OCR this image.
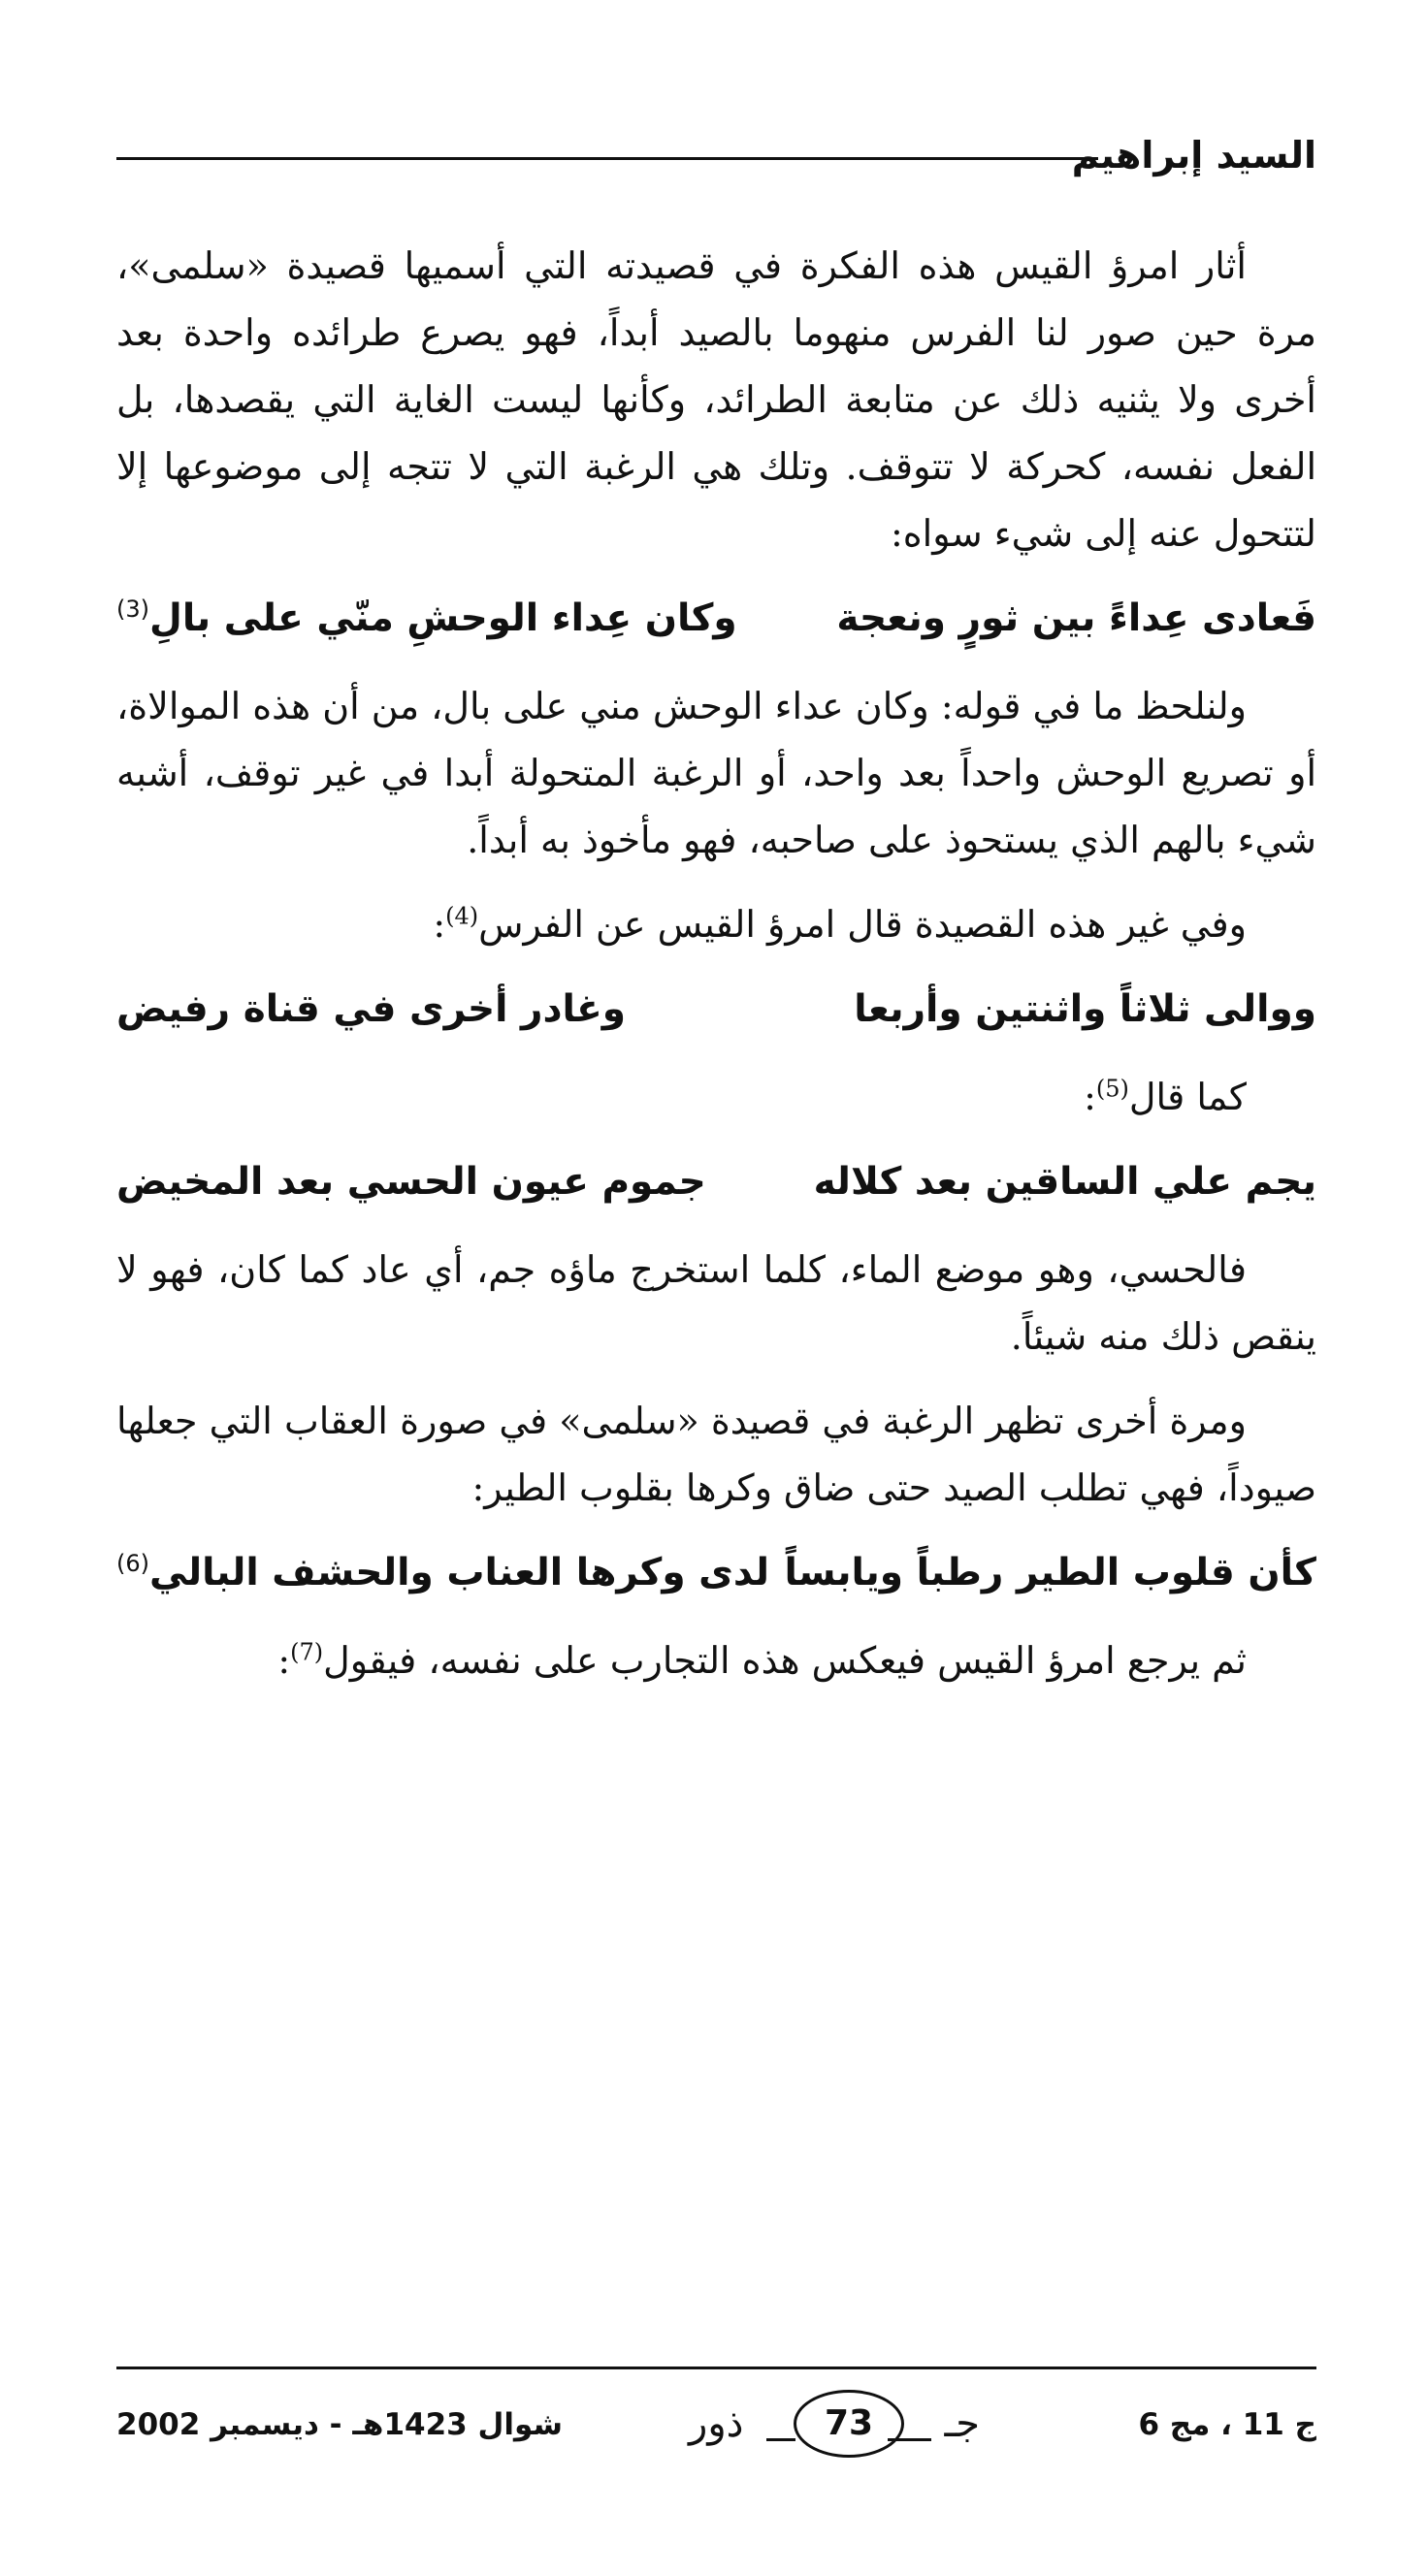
السيد إبراهيم

أثار امرؤ القيس هذه الفكرة في قصيدته التي أسميها قصيدة «سلمى»، مرة حين صور لنا الفرس منهوما بالصيد أبداً، فهو يصرع طرائده واحدة بعد أخرى ولا يثنيه ذلك عن متابعة الطرائد، وكأنها ليست الغاية التي يقصدها، بل الفعل نفسه، كحركة لا تتوقف. وتلك هي الرغبة التي لا تتجه إلى موضوعها إلا لتتحول عنه إلى شيء سواه:

فَعادى عِداءً بين ثورٍ ونعجة
وكان عِداء الوحشِ منّي على بالِ$^{(3)}$

ولنلحظ ما في قوله: وكان عداء الوحش مني على بال، من أن هذه الموالاة، أو تصريع الوحش واحداً بعد واحد، أو الرغبة المتحولة أبدا في غير توقف، أشبه شيء بالهم الذي يستحوذ على صاحبه، فهو مأخوذ به أبداً.

وفي غير هذه القصيدة قال امرؤ القيس عن الفرس$^{(4)}$:

ووالى ثلاثاً واثنتين وأربعا
وغادر أخرى في قناة رفيض

كما قال$^{(5)}$:

يجم علي الساقين بعد كلاله
جموم عيون الحسي بعد المخيض

فالحسي، وهو موضع الماء، كلما استخرج ماؤه جم، أي عاد كما كان، فهو لا ينقص ذلك منه شيئاً.

ومرة أخرى تظهر الرغبة في قصيدة «سلمى» في صورة العقاب التي جعلها صيوداً، فهي تطلب الصيد حتى ضاق وكرها بقلوب الطير:

كأن قلوب الطير رطباً ويابساً
لدى وكرها العناب والحشف البالي$^{(6)}$

ثم يرجع امرؤ القيس فيعكس هذه التجارب على نفسه، فيقول$^{(7)}$:

ج 11 ، مج 6
جـ
73
ذور
شوال 1423هـ - ديسمبر 2002
